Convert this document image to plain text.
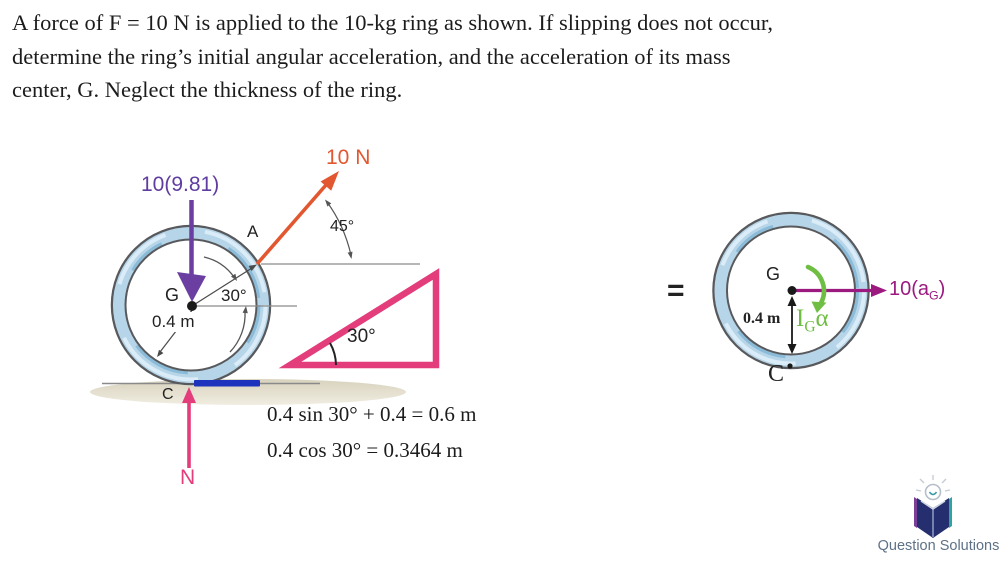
A force of F = 10 N is applied to the 10-kg ring as shown. If slipping does not occur,
determine the ring’s initial angular acceleration, and the acceleration of its mass
center, G. Neglect the thickness of the ring.
10(9.81)
10 N
A	45°
G 30°
0.4 m
C
N
30°
0.4 sin 30° + 0.4 = 0.6 m
0.4 cos 30° = 0.3464 m
=	G
$10(a_G)$
0.4 m $I_G\alpha$
C
Question Solutions
